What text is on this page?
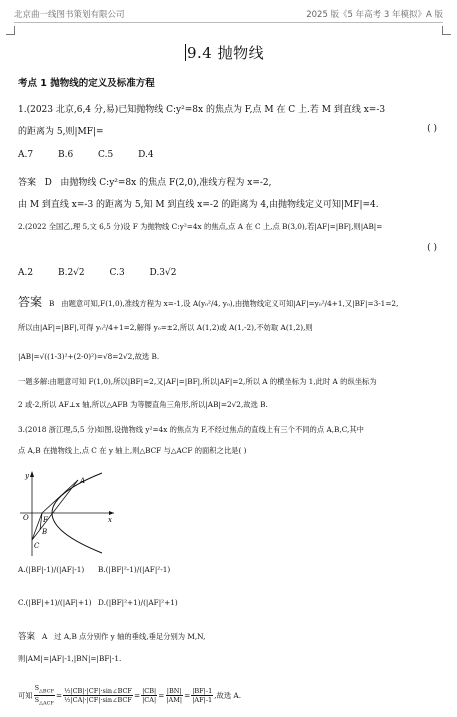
北京曲一线图书策划有限公司	2025 版《5 年高考 3 年模拟》A 版
9.4 抛物线
考点 1 抛物线的定义及标准方程
1.(2023 北京,6,4 分,易)已知抛物线 C:y²=8x 的焦点为 F,点 M 在 C 上.若 M 到直线 x=-3
的距离为 5,则|MF|=	( )
A.7	B.6	C.5	D.4
答案 D 由抛物线 C:y²=8x 的焦点 F(2,0),准线方程为 x=-2,
由 M 到直线 x=-3 的距离为 5,知 M 到直线 x=-2 的距离为 4,由抛物线定义可知|MF|=4.
2.(2022 全国乙,理 5,文 6,5 分)设 F 为抛物线 C:y²=4x 的焦点,点 A 在 C 上,点 B(3,0),若|AF|=|BF|,则|AB|=
( )
A.2	B.2√2	C.3	D.3√2
答案 B 由题意可知,F(1,0),准线方程为 x=-1,设 A(y₀²/4, y₀),由抛物线定义可知|AF|=y₀²/4+1,又|BF|=3-1=2,
所以由|AF|=|BF|,可得 y₀²/4+1=2,解得 y₀=±2,所以 A(1,2)或 A(1,-2),不妨取 A(1,2),则
|AB|=√((1-3)²+(2-0)²)=√8=2√2,故选 B.
一题多解:由题意可知 F(1,0),所以|BF|=2,又|AF|=|BF|,所以|AF|=2,所以 A 的横坐标为 1,此时 A 的纵坐标为
2 或-2,所以 AF⊥x 轴,所以△AFB 为等腰直角三角形,所以|AB|=2√2,故选 B.
3.(2018 浙江理,5,5 分)如图,设抛物线 y²=4x 的焦点为 F,不经过焦点的直线上有三个不同的点 A,B,C,其中
点 A,B 在抛物线上,点 C 在 y 轴上,则△BCF 与△ACF 的面积之比是( )
y
x
O F
A
B
C
A.(|BF|-1)/(|AF|-1) B.(|BF|²-1)/(|AF|²-1)
C.(|BF|+1)/(|AF|+1) D.(|BF|²+1)/(|AF|²+1)
答案 A 过 A,B 点分别作 y 轴的垂线,垂足分别为 M,N,
则|AM|=|AF|-1,|BN|=|BF|-1.
可知 $\frac{S_{\triangle BCF}}{S_{\triangle ACF}} = \frac{\text{½|CB|·|CF|·sin∠BCF}}{\text{½|CA|·|CF|·sin∠BCF}} = \frac{|CB|}{|CA|} = \frac{|BN|}{|AM|} = \frac{|BF|-1}{|AF|-1}$ ,故选 A.
